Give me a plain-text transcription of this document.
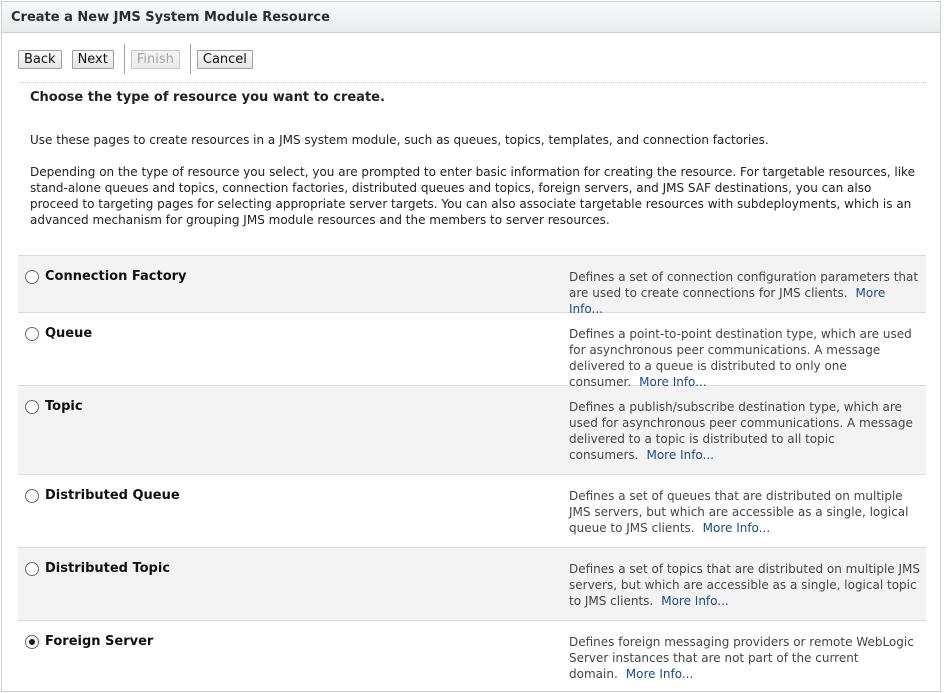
Create a New JMS System Module Resource
Back	Next	Finish	Cancel
Choose the type of resource you want to create.

Use these pages to create resources in a JMS system module, such as queues, topics, templates, and connection factories.

Depending on the type of resource you select, you are prompted to enter basic information for creating the resource. For targetable resources, like stand-alone queues and topics, connection factories, distributed queues and topics, foreign servers, and JMS SAF destinations, you can also proceed to targeting pages for selecting appropriate server targets. You can also associate targetable resources with subdeployments, which is an advanced mechanism for grouping JMS module resources and the members to server resources.

Connection Factory	Defines a set of connection configuration parameters that are used to create connections for JMS clients. More Info...
Queue	Defines a point-to-point destination type, which are used for asynchronous peer communications. A message delivered to a queue is distributed to only one consumer. More Info...
Topic	Defines a publish/subscribe destination type, which are used for asynchronous peer communications. A message delivered to a topic is distributed to all topic consumers. More Info...
Distributed Queue	Defines a set of queues that are distributed on multiple JMS servers, but which are accessible as a single, logical queue to JMS clients. More Info...
Distributed Topic	Defines a set of topics that are distributed on multiple JMS servers, but which are accessible as a single, logical topic to JMS clients. More Info...
Foreign Server	Defines foreign messaging providers or remote WebLogic Server instances that are not part of the current domain. More Info...
